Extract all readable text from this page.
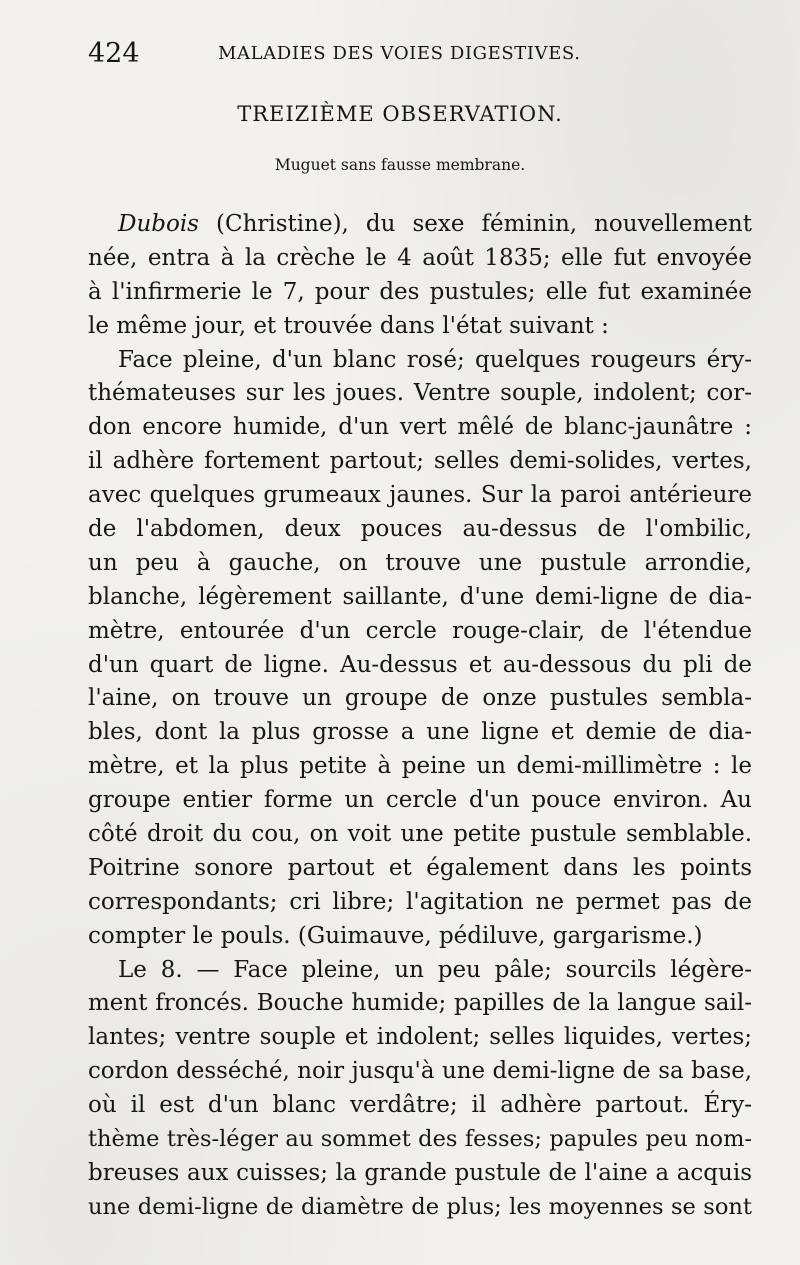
424	MALADIES DES VOIES DIGESTIVES.
TREIZIÈME OBSERVATION.
Muguet sans fausse membrane.
Dubois (Christine), du sexe féminin, nouvellement
née, entra à la crèche le 4 août 1835; elle fut envoyée
à l'infirmerie le 7, pour des pustules; elle fut examinée
le même jour, et trouvée dans l'état suivant :
Face pleine, d'un blanc rosé; quelques rougeurs éry-
thémateuses sur les joues. Ventre souple, indolent; cor-
don encore humide, d'un vert mêlé de blanc-jaunâtre :
il adhère fortement partout; selles demi-solides, vertes,
avec quelques grumeaux jaunes. Sur la paroi antérieure
de l'abdomen, deux pouces au-dessus de l'ombilic,
un peu à gauche, on trouve une pustule arrondie,
blanche, légèrement saillante, d'une demi-ligne de dia-
mètre, entourée d'un cercle rouge-clair, de l'étendue
d'un quart de ligne. Au-dessus et au-dessous du pli de
l'aine, on trouve un groupe de onze pustules sembla-
bles, dont la plus grosse a une ligne et demie de dia-
mètre, et la plus petite à peine un demi-millimètre : le
groupe entier forme un cercle d'un pouce environ. Au
côté droit du cou, on voit une petite pustule semblable.
Poitrine sonore partout et également dans les points
correspondants; cri libre; l'agitation ne permet pas de
compter le pouls. (Guimauve, pédiluve, gargarisme.)
Le 8. — Face pleine, un peu pâle; sourcils légère-
ment froncés. Bouche humide; papilles de la langue sail-
lantes; ventre souple et indolent; selles liquides, vertes;
cordon desséché, noir jusqu'à une demi-ligne de sa base,
où il est d'un blanc verdâtre; il adhère partout. Éry-
thème très-léger au sommet des fesses; papules peu nom-
breuses aux cuisses; la grande pustule de l'aine a acquis
une demi-ligne de diamètre de plus; les moyennes se sont
